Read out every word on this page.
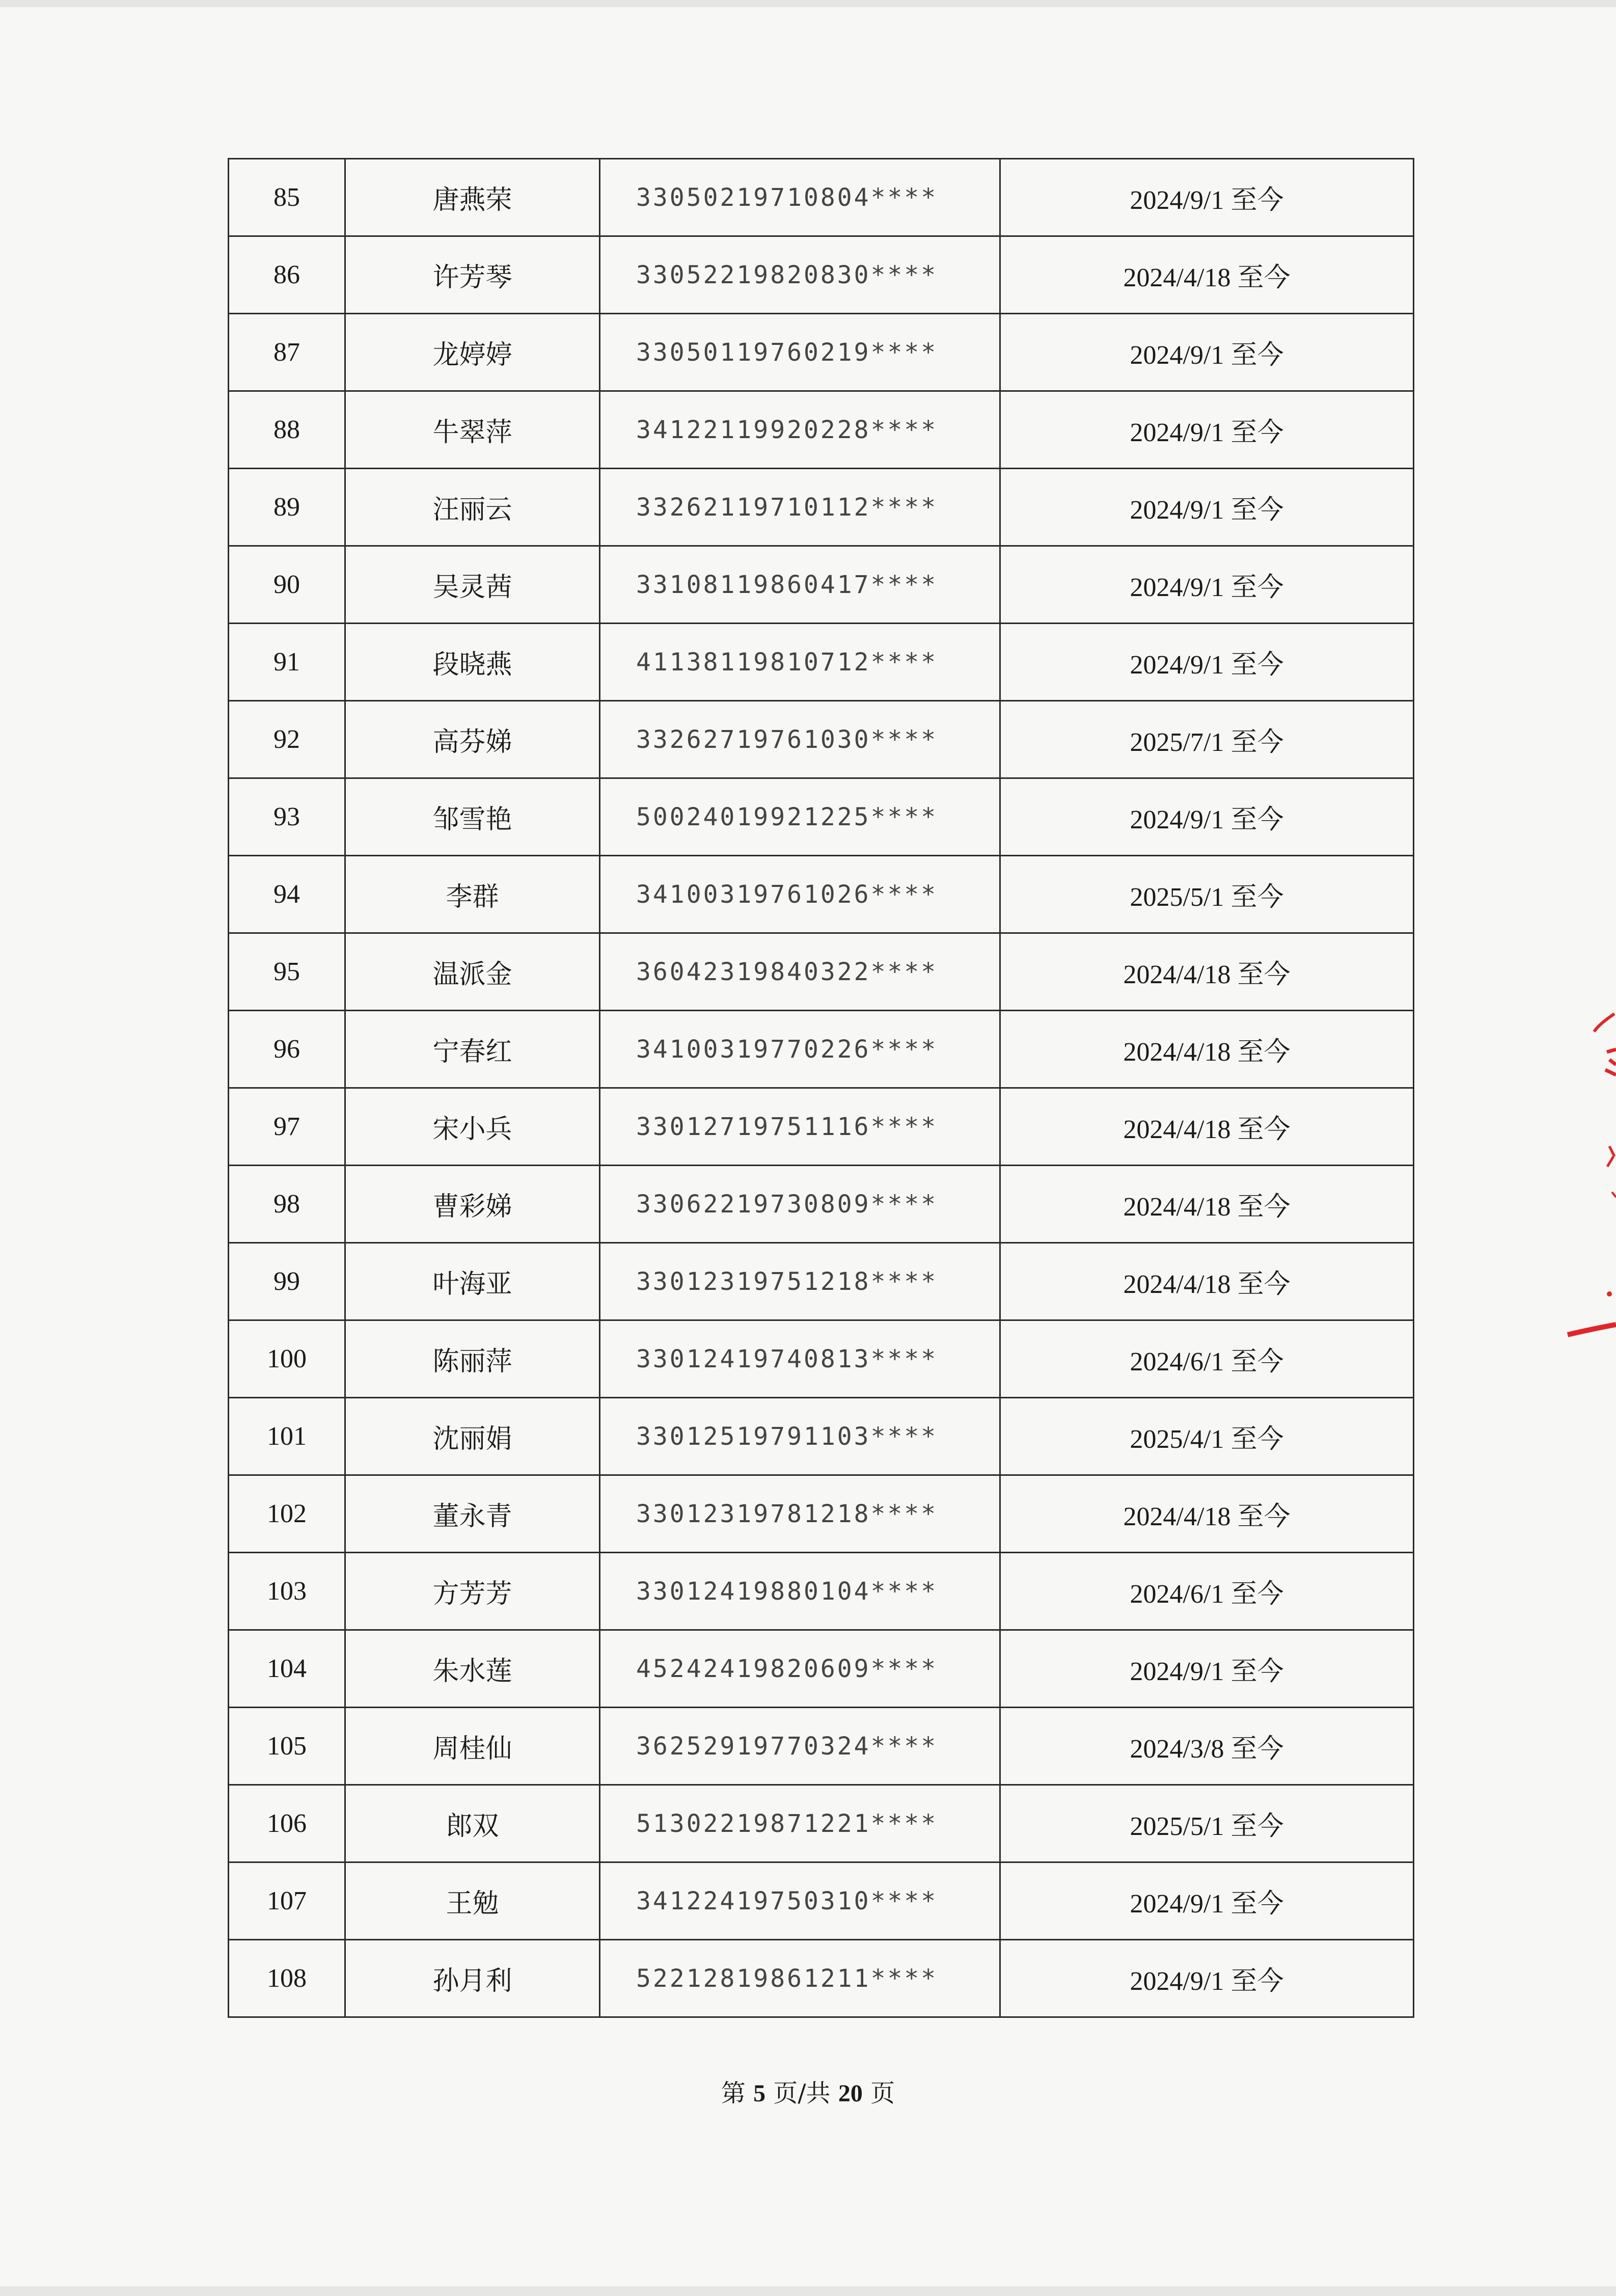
85	唐燕荣	33050219710804****	2024/9/1 至今
86	许芳琴	33052219820830****	2024/4/18 至今
87	龙婷婷	33050119760219****	2024/9/1 至今
88	牛翠萍	34122119920228****	2024/9/1 至今
89	汪丽云	33262119710112****	2024/9/1 至今
90	吴灵茜	33108119860417****	2024/9/1 至今
91	段晓燕	41138119810712****	2024/9/1 至今
92	高芬娣	33262719761030****	2025/7/1 至今
93	邹雪艳	50024019921225****	2024/9/1 至今
94	李群	34100319761026****	2025/5/1 至今
95	温派金	36042319840322****	2024/4/18 至今
96	宁春红	34100319770226****	2024/4/18 至今
97	宋小兵	33012719751116****	2024/4/18 至今
98	曹彩娣	33062219730809****	2024/4/18 至今
99	叶海亚	33012319751218****	2024/4/18 至今
100	陈丽萍	33012419740813****	2024/6/1 至今
101	沈丽娟	33012519791103****	2025/4/1 至今
102	董永青	33012319781218****	2024/4/18 至今
103	方芳芳	33012419880104****	2024/6/1 至今
104	朱水莲	45242419820609****	2024/9/1 至今
105	周桂仙	36252919770324****	2024/3/8 至今
106	郎双	51302219871221****	2025/5/1 至今
107	王勉	34122419750310****	2024/9/1 至今
108	孙月利	52212819861211****	2024/9/1 至今
第 5 页/共 20 页
